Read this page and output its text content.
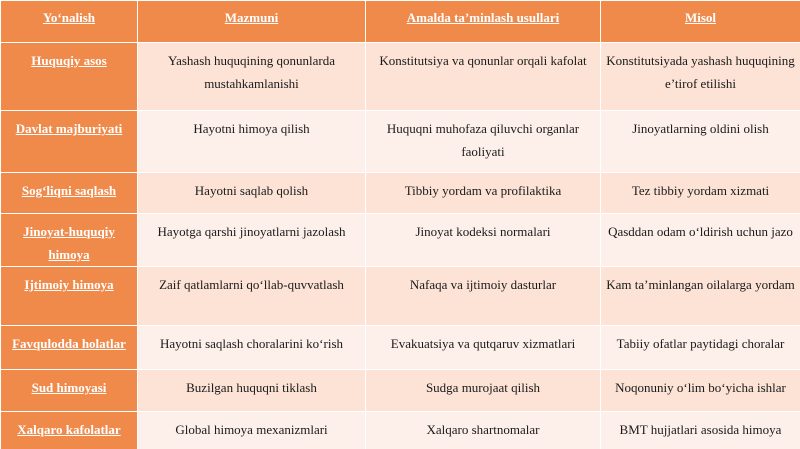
Yo‘nalish	Mazmuni	Amalda ta’minlash usullari	Misol
Huquqiy asos	Yashash huquqining qonunlarda mustahkamlanishi	Konstitutsiya va qonunlar orqali kafolat	Konstitutsiyada yashash huquqining e’tirof etilishi
Davlat majburiyati	Hayotni himoya qilish	Huquqni muhofaza qiluvchi organlar faoliyati	Jinoyatlarning oldini olish
Sog‘liqni saqlash	Hayotni saqlab qolish	Tibbiy yordam va profilaktika	Tez tibbiy yordam xizmati
Jinoyat-huquqiy himoya	Hayotga qarshi jinoyatlarni jazolash	Jinoyat kodeksi normalari	Qasddan odam o‘ldirish uchun jazo
Ijtimoiy himoya	Zaif qatlamlarni qo‘llab-quvvatlash	Nafaqa va ijtimoiy dasturlar	Kam ta’minlangan oilalarga yordam
Favqulodda holatlar	Hayotni saqlash choralarini ko‘rish	Evakuatsiya va qutqaruv xizmatlari	Tabiiy ofatlar paytidagi choralar
Sud himoyasi	Buzilgan huquqni tiklash	Sudga murojaat qilish	Noqonuniy o‘lim bo‘yicha ishlar
Xalqaro kafolatlar	Global himoya mexanizmlari	Xalqaro shartnomalar	BMT hujjatlari asosida himoya
